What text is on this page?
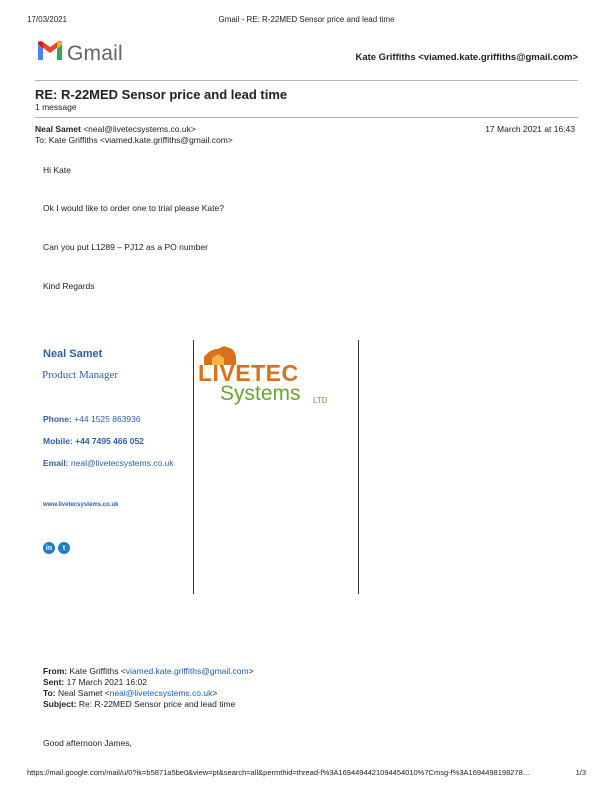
17/03/2021	Gmail - RE: R-22MED Sensor price and lead time
Gmail	Kate Griffiths <viamed.kate.griffiths@gmail.com>
RE: R-22MED Sensor price and lead time
1 message
Neal Samet <neal@livetecsystems.co.uk>	17 March 2021 at 16:43
To: Kate Griffiths <viamed.kate.griffiths@gmail.com>
Hi Kate
Ok I would like to order one to trial please Kate?
Can you put L1289 – PJ12 as a PO number
Kind Regards
Neal Samet
Product Manager
Phone: +44 1525 863936
Mobile: +44 7495 466 052
Email: neal@livetecsystems.co.uk
www.livetecsystems.co.uk
in	t
LIVETEC
Systems LTD
From: Kate Griffiths <viamed.kate.griffiths@gmail.com>
Sent: 17 March 2021 16:02
To: Neal Samet <neal@livetecsystems.co.uk>
Subject: Re: R-22MED Sensor price and lead time
Good afternoon James,
https://mail.google.com/mail/u/0?ik=b5871a5be0&view=pt&search=all&permthid=thread-f%3A1694494421094454010%7Cmsg-f%3A1694498198278…	1/3
